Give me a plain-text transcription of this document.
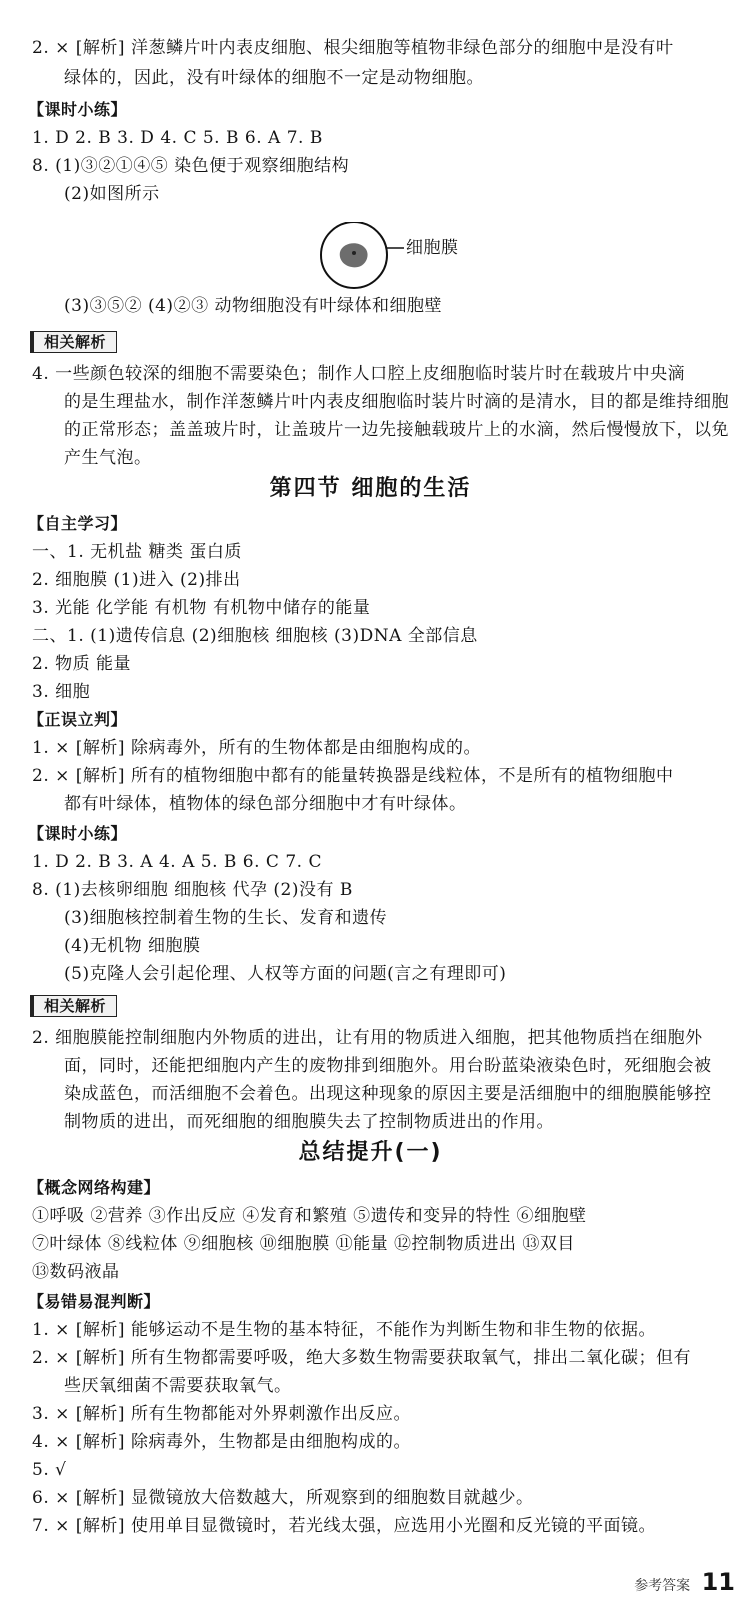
2. × [解析] 洋葱鳞片叶内表皮细胞、根尖细胞等植物非绿色部分的细胞中是没有叶
绿体的，因此，没有叶绿体的细胞不一定是动物细胞。
【课时小练】
1. D 2. B 3. D 4. C 5. B 6. A 7. B
8. (1)③②①④⑤ 染色便于观察细胞结构
(2)如图所示
细胞膜
(3)③⑤② (4)②③ 动物细胞没有叶绿体和细胞壁
相关解析
4. 一些颜色较深的细胞不需要染色；制作人口腔上皮细胞临时装片时在载玻片中央滴
的是生理盐水，制作洋葱鳞片叶内表皮细胞临时装片时滴的是清水，目的都是维持细胞
的正常形态；盖盖玻片时，让盖玻片一边先接触载玻片上的水滴，然后慢慢放下，以免
产生气泡。
第四节 细胞的生活
【自主学习】
一、1. 无机盐 糖类 蛋白质
2. 细胞膜 (1)进入 (2)排出
3. 光能 化学能 有机物 有机物中储存的能量
二、1. (1)遗传信息 (2)细胞核 细胞核 (3)DNA 全部信息
2. 物质 能量
3. 细胞
【正误立判】
1. × [解析] 除病毒外，所有的生物体都是由细胞构成的。
2. × [解析] 所有的植物细胞中都有的能量转换器是线粒体，不是所有的植物细胞中
都有叶绿体，植物体的绿色部分细胞中才有叶绿体。
【课时小练】
1. D 2. B 3. A 4. A 5. B 6. C 7. C
8. (1)去核卵细胞 细胞核 代孕 (2)没有 B
(3)细胞核控制着生物的生长、发育和遗传
(4)无机物 细胞膜
(5)克隆人会引起伦理、人权等方面的问题(言之有理即可)
相关解析
2. 细胞膜能控制细胞内外物质的进出，让有用的物质进入细胞，把其他物质挡在细胞外
面，同时，还能把细胞内产生的废物排到细胞外。用台盼蓝染液染色时，死细胞会被
染成蓝色，而活细胞不会着色。出现这种现象的原因主要是活细胞中的细胞膜能够控
制物质的进出，而死细胞的细胞膜失去了控制物质进出的作用。
总结提升(一)
【概念网络构建】
①呼吸 ②营养 ③作出反应 ④发育和繁殖 ⑤遗传和变异的特性 ⑥细胞壁
⑦叶绿体 ⑧线粒体 ⑨细胞核 ⑩细胞膜 ⑪能量 ⑫控制物质进出 ⑬双目
⑬数码液晶
【易错易混判断】
1. × [解析] 能够运动不是生物的基本特征，不能作为判断生物和非生物的依据。
2. × [解析] 所有生物都需要呼吸，绝大多数生物需要获取氧气，排出二氧化碳；但有
些厌氧细菌不需要获取氧气。
3. × [解析] 所有生物都能对外界刺激作出反应。
4. × [解析] 除病毒外，生物都是由细胞构成的。
5. √
6. × [解析] 显微镜放大倍数越大，所观察到的细胞数目就越少。
7. × [解析] 使用单目显微镜时，若光线太强，应选用小光圈和反光镜的平面镜。
参考答案 11
